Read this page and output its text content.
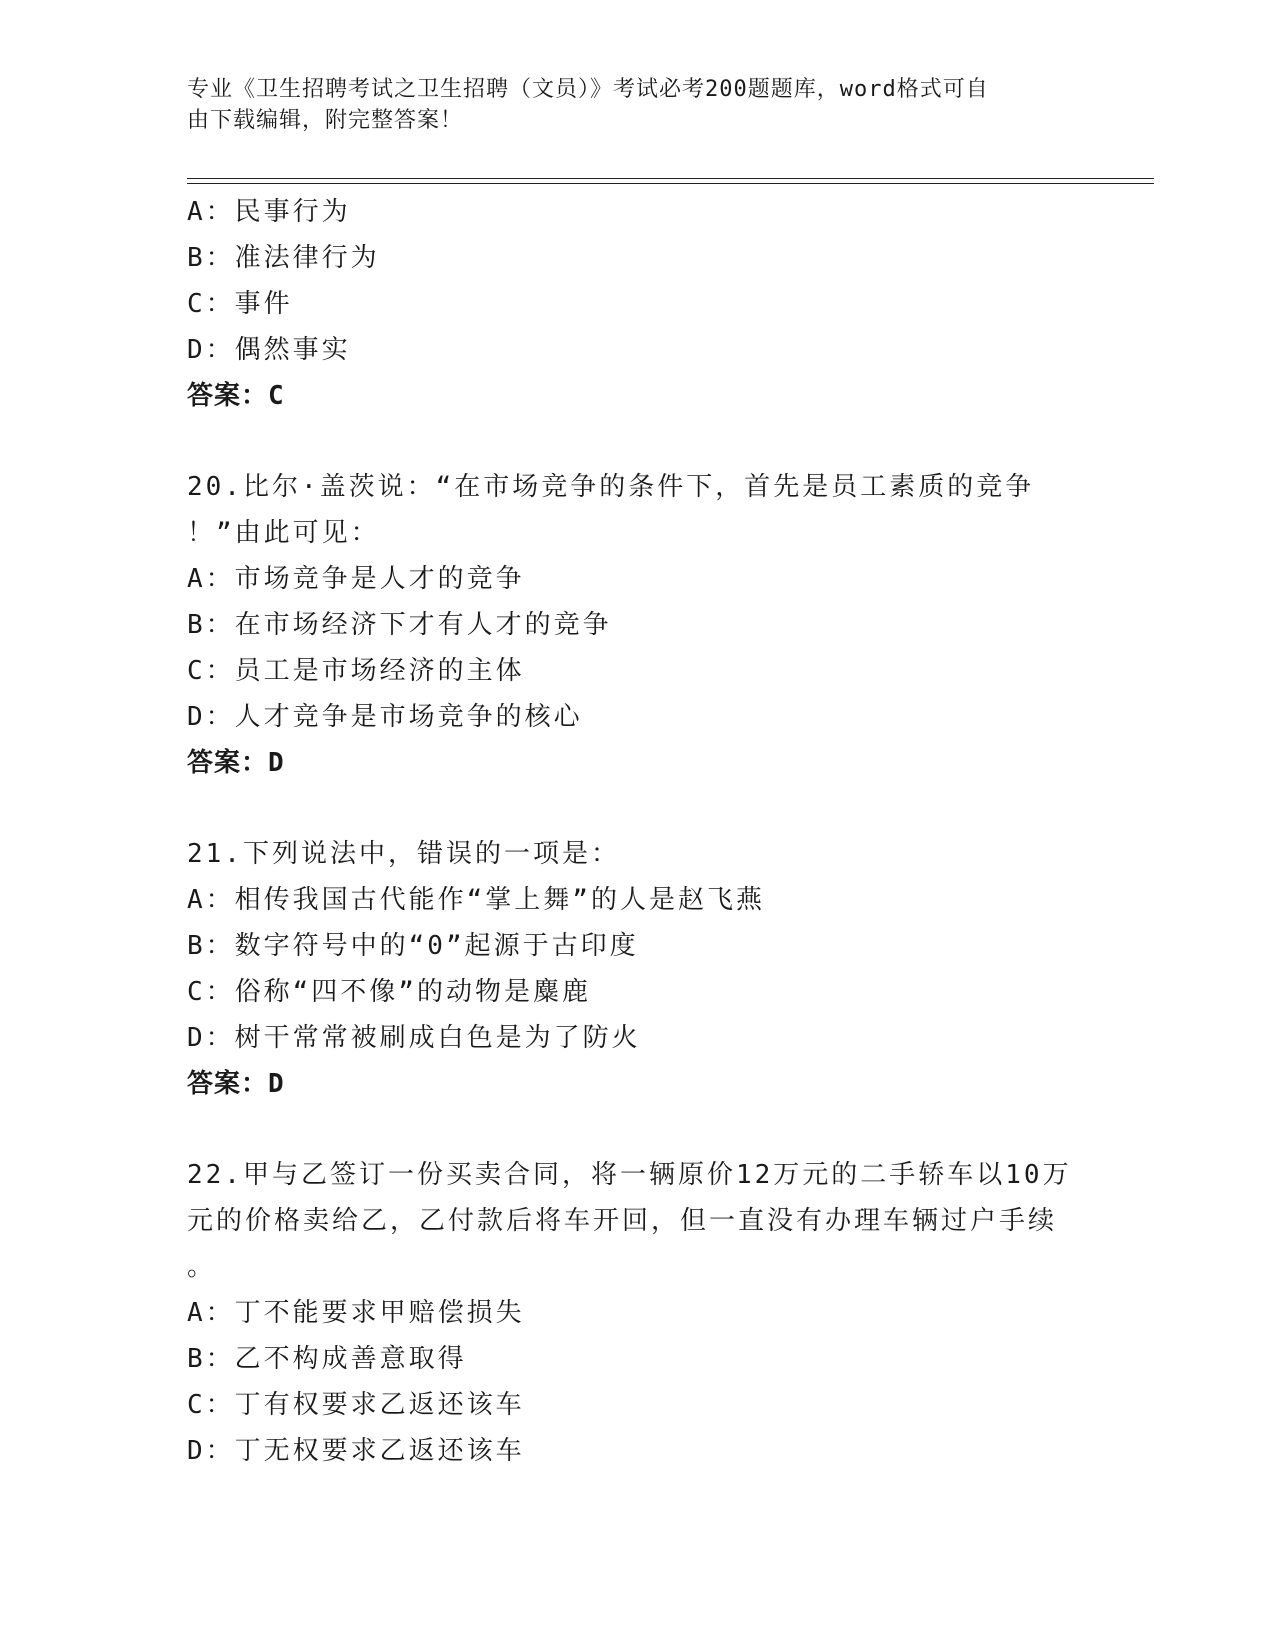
专业《卫生招聘考试之卫生招聘（文员）》考试必考200题题库，word格式可自
由下载编辑，附完整答案！
A：民事行为
B：准法律行为
C：事件
D：偶然事实
答案：C
20.比尔·盖茨说：“在市场竞争的条件下，首先是员工素质的竞争
！”由此可见：
A：市场竞争是人才的竞争
B：在市场经济下才有人才的竞争
C：员工是市场经济的主体
D：人才竞争是市场竞争的核心
答案：D
21.下列说法中，错误的一项是：
A：相传我国古代能作“掌上舞”的人是赵飞燕
B：数字符号中的“0”起源于古印度
C：俗称“四不像”的动物是麋鹿
D：树干常常被刷成白色是为了防火
答案：D
22.甲与乙签订一份买卖合同，将一辆原价12万元的二手轿车以10万
元的价格卖给乙，乙付款后将车开回，但一直没有办理车辆过户手续
。
A：丁不能要求甲赔偿损失
B：乙不构成善意取得
C：丁有权要求乙返还该车
D：丁无权要求乙返还该车
